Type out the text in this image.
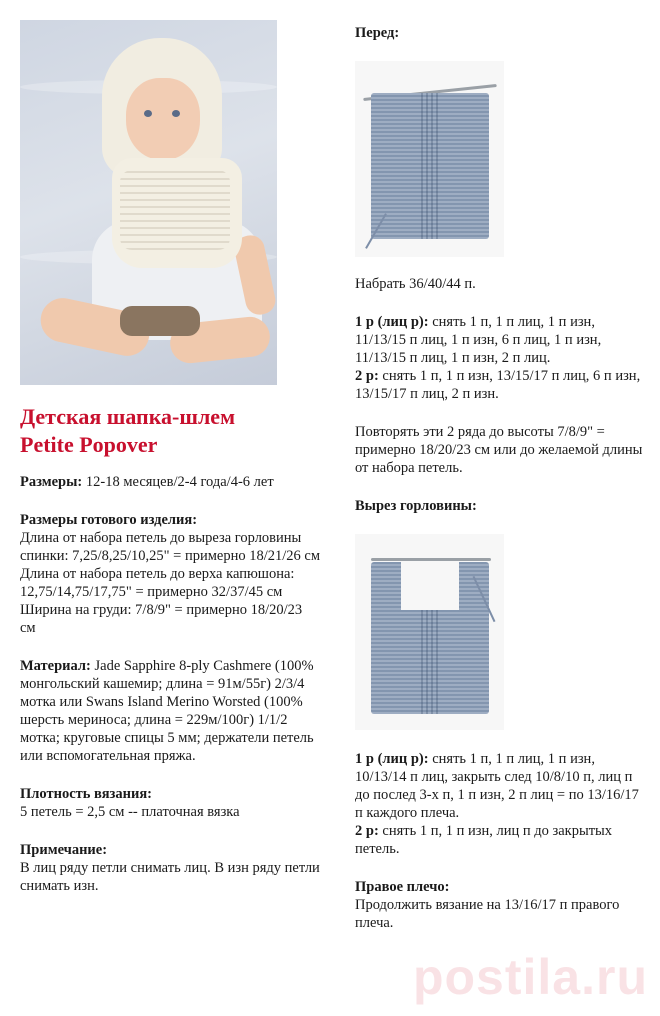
Детская шапка-шлем
Petite Popover
Размеры: 12-18 месяцев/2-4 года/4-6 лет
Размеры готового изделия:
Длина от набора петель до выреза горловины спинки: 7,25/8,25/10,25" = примерно 18/21/26 см
Длина от набора петель до верха капюшона: 12,75/14,75/17,75" = примерно 32/37/45 см
Ширина на груди: 7/8/9" = примерно 18/20/23 см
Материал: Jade Sapphire 8-ply Cashmere (100% монгольский кашемир; длина = 91м/55г) 2/3/4 мотка или Swans Island Merino Worsted (100% шерсть мериноса; длина = 229м/100г) 1/1/2 мотка; круговые спицы 5 мм; держатели петель или вспомогательная пряжа.
Плотность вязания:
5 петель = 2,5 см -- платочная вязка
Примечание:
В лиц ряду петли снимать лиц. В изн ряду петли снимать изн.
Перед:
Набрать 36/40/44 п.
1 р (лиц р): снять 1 п, 1 п лиц, 1 п изн, 11/13/15 п лиц, 1 п изн, 6 п лиц, 1 п изн, 11/13/15 п лиц, 1 п изн, 2 п лиц.
2 р: снять 1 п, 1 п изн, 13/15/17 п лиц, 6 п изн, 13/15/17 п лиц, 2 п изн.
Повторять эти 2 ряда до высоты 7/8/9" = примерно 18/20/23 см или до желаемой длины от набора петель.
Вырез горловины:
1 р (лиц р): снять 1 п, 1 п лиц, 1 п изн, 10/13/14 п лиц, закрыть след 10/8/10 п, лиц п до послед 3-х п, 1 п изн, 2 п лиц = по 13/16/17 п каждого плеча.
2 р: снять 1 п, 1 п изн, лиц п до закрытых петель.
Правое плечо:
Продолжить вязание на 13/16/17 п правого плеча.
postila.ru
